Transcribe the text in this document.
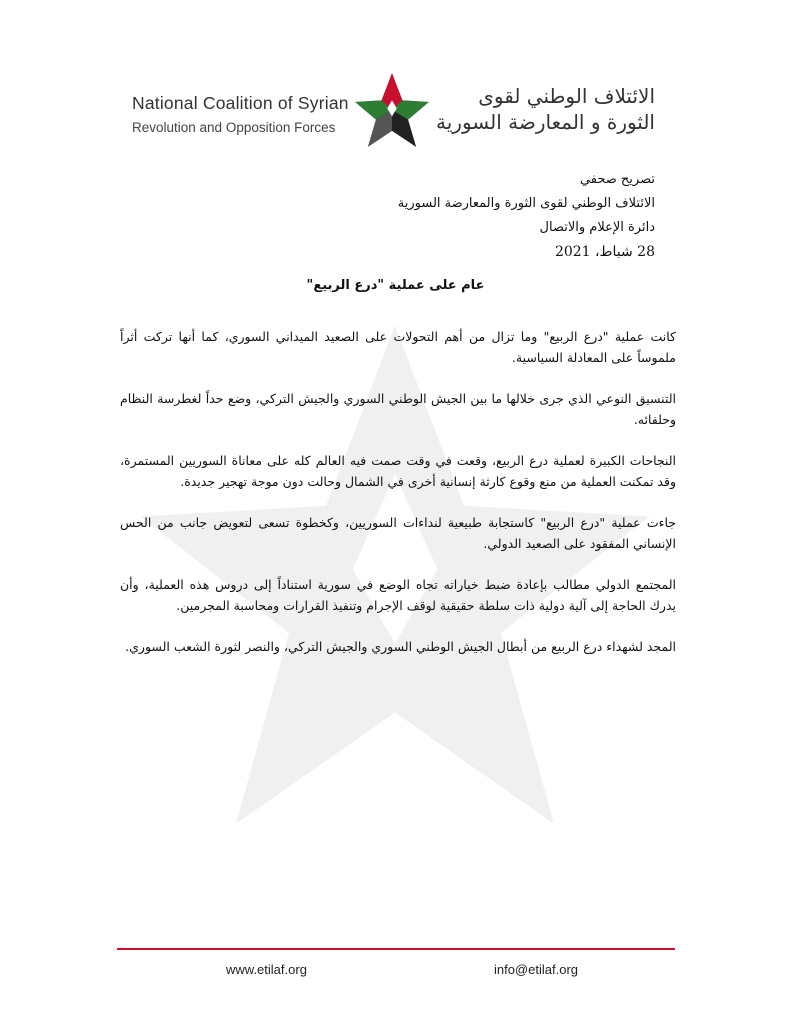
National Coalition of Syrian
Revolution and Opposition Forces
الائتلاف الوطني لقوى
الثورة و المعارضة السورية
تصريح صحفي
الائتلاف الوطني لقوى الثورة والمعارضة السورية
دائرة الإعلام والاتصال
28 شباط، 2021
عام على عملية "درع الربيع"

كانت عملية "درع الربيع" وما تزال من أهم التحولات على الصعيد الميداني السوري، كما أنها تركت أثراً ملموساً على المعادلة السياسية.

التنسيق النوعي الذي جرى خلالها ما بين الجيش الوطني السوري والجيش التركي، وضع حداً لغطرسة النظام وحلفائه.

النجاحات الكبيرة لعملية درع الربيع، وقعت في وقت صمت فيه العالم كله على معاناة السوريين المستمرة، وقد تمكنت العملية من منع وقوع كارثة إنسانية أخرى في الشمال وحالت دون موجة تهجير جديدة.

جاءت عملية "درع الربيع" كاستجابة طبيعية لنداءات السوريين، وكخطوة تسعى لتعويض جانب من الحس الإنساني المفقود على الصعيد الدولي.

المجتمع الدولي مطالب بإعادة ضبط خياراته تجاه الوضع في سورية استناداً إلى دروس هذه العملية، وأن يدرك الحاجة إلى آلية دولية ذات سلطة حقيقية لوقف الإجرام وتنفيذ القرارات ومحاسبة المجرمين.

المجد لشهداء درع الربيع من أبطال الجيش الوطني السوري والجيش التركي، والنصر لثورة الشعب السوري.

www.etilaf.org	info@etilaf.org
